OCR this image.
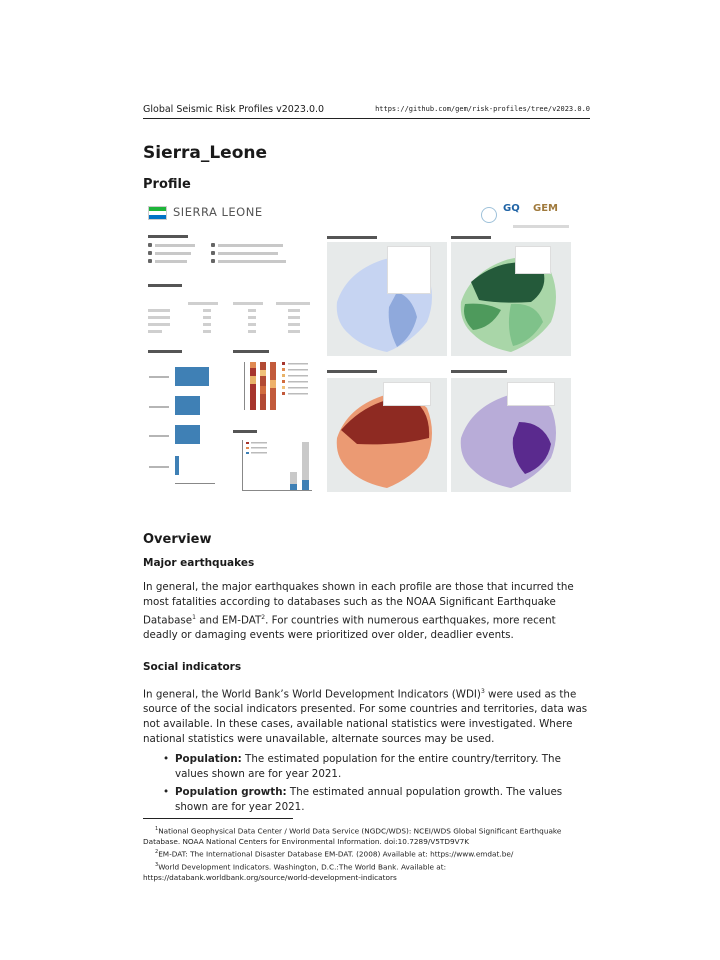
Global Seismic Risk Profiles v2023.0.0	https://github.com/gem/risk-profiles/tree/v2023.0.0
Sierra_Leone
Profile
SIERRA LEONE	GQ GEM
Overview
Major earthquakes

In general, the major earthquakes shown in each profile are those that incurred the most fatalities according to databases such as the NOAA Significant Earthquake Database$^1$ and EM-DAT$^2$. For countries with numerous earthquakes, more recent deadly or damaging events were prioritized over older, deadlier events.

Social indicators

In general, the World Bank’s World Development Indicators (WDI)$^3$ were used as the source of the social indicators presented. For some countries and territories, data was not available. In these cases, available national statistics were investigated. Where national statistics were unavailable, alternate sources may be used.

• Population: The estimated population for the entire country/territory. The values shown are for year 2021.
• Population growth: The estimated annual population growth. The values shown are for year 2021.

$^1$National Geophysical Data Center / World Data Service (NGDC/WDS): NCEI/WDS Global Significant Earthquake Database. NOAA National Centers for Environmental Information. doi:10.7289/V5TD9V7K

$^2$EM-DAT: The International Disaster Database EM-DAT. (2008) Available at: https://www.emdat.be/

$^3$World Development Indicators. Washington, D.C.:The World Bank. Available at: https://databank.worldbank.org/source/world-development-indicators
